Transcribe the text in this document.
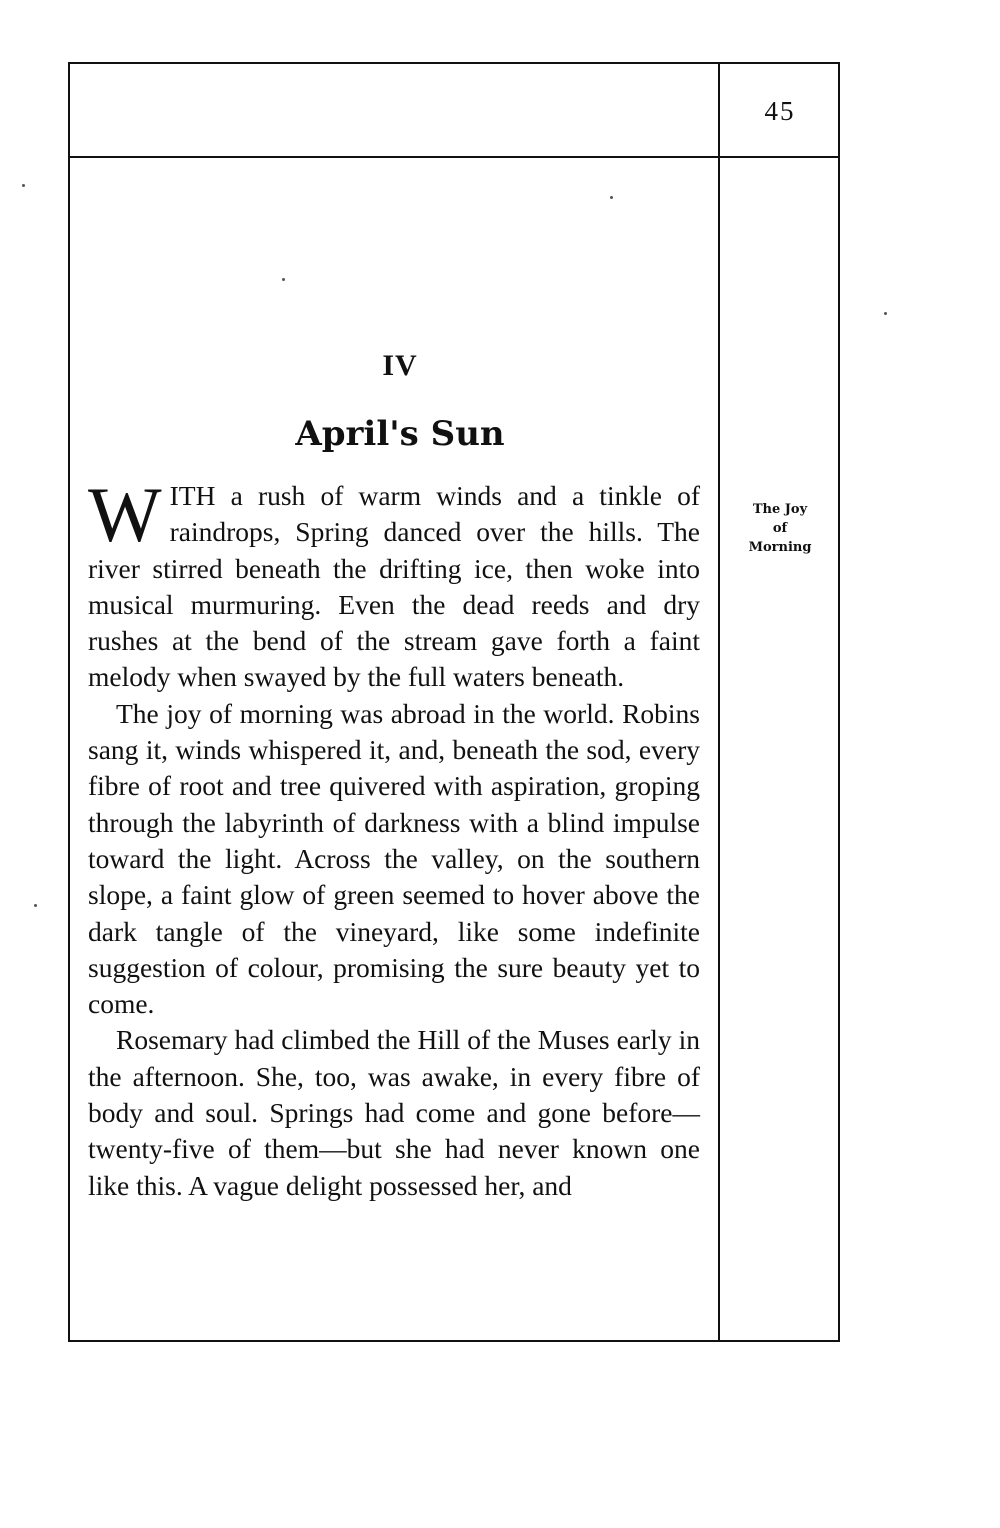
45
The Joy
of
Morning
IV
April's Sun

WITH a rush of warm winds and a tinkle of raindrops, Spring danced over the hills. The river stirred beneath the drifting ice, then woke into musical murmuring. Even the dead reeds and dry rushes at the bend of the stream gave forth a faint melody when swayed by the full waters beneath.

The joy of morning was abroad in the world. Robins sang it, winds whispered it, and, beneath the sod, every fibre of root and tree quivered with aspiration, groping through the labyrinth of darkness with a blind impulse toward the light. Across the valley, on the southern slope, a faint glow of green seemed to hover above the dark tangle of the vineyard, like some indefinite suggestion of colour, promising the sure beauty yet to come.

Rosemary had climbed the Hill of the Muses early in the afternoon. She, too, was awake, in every fibre of body and soul. Springs had come and gone before—twenty-five of them—but she had never known one like this. A vague delight possessed her, and
